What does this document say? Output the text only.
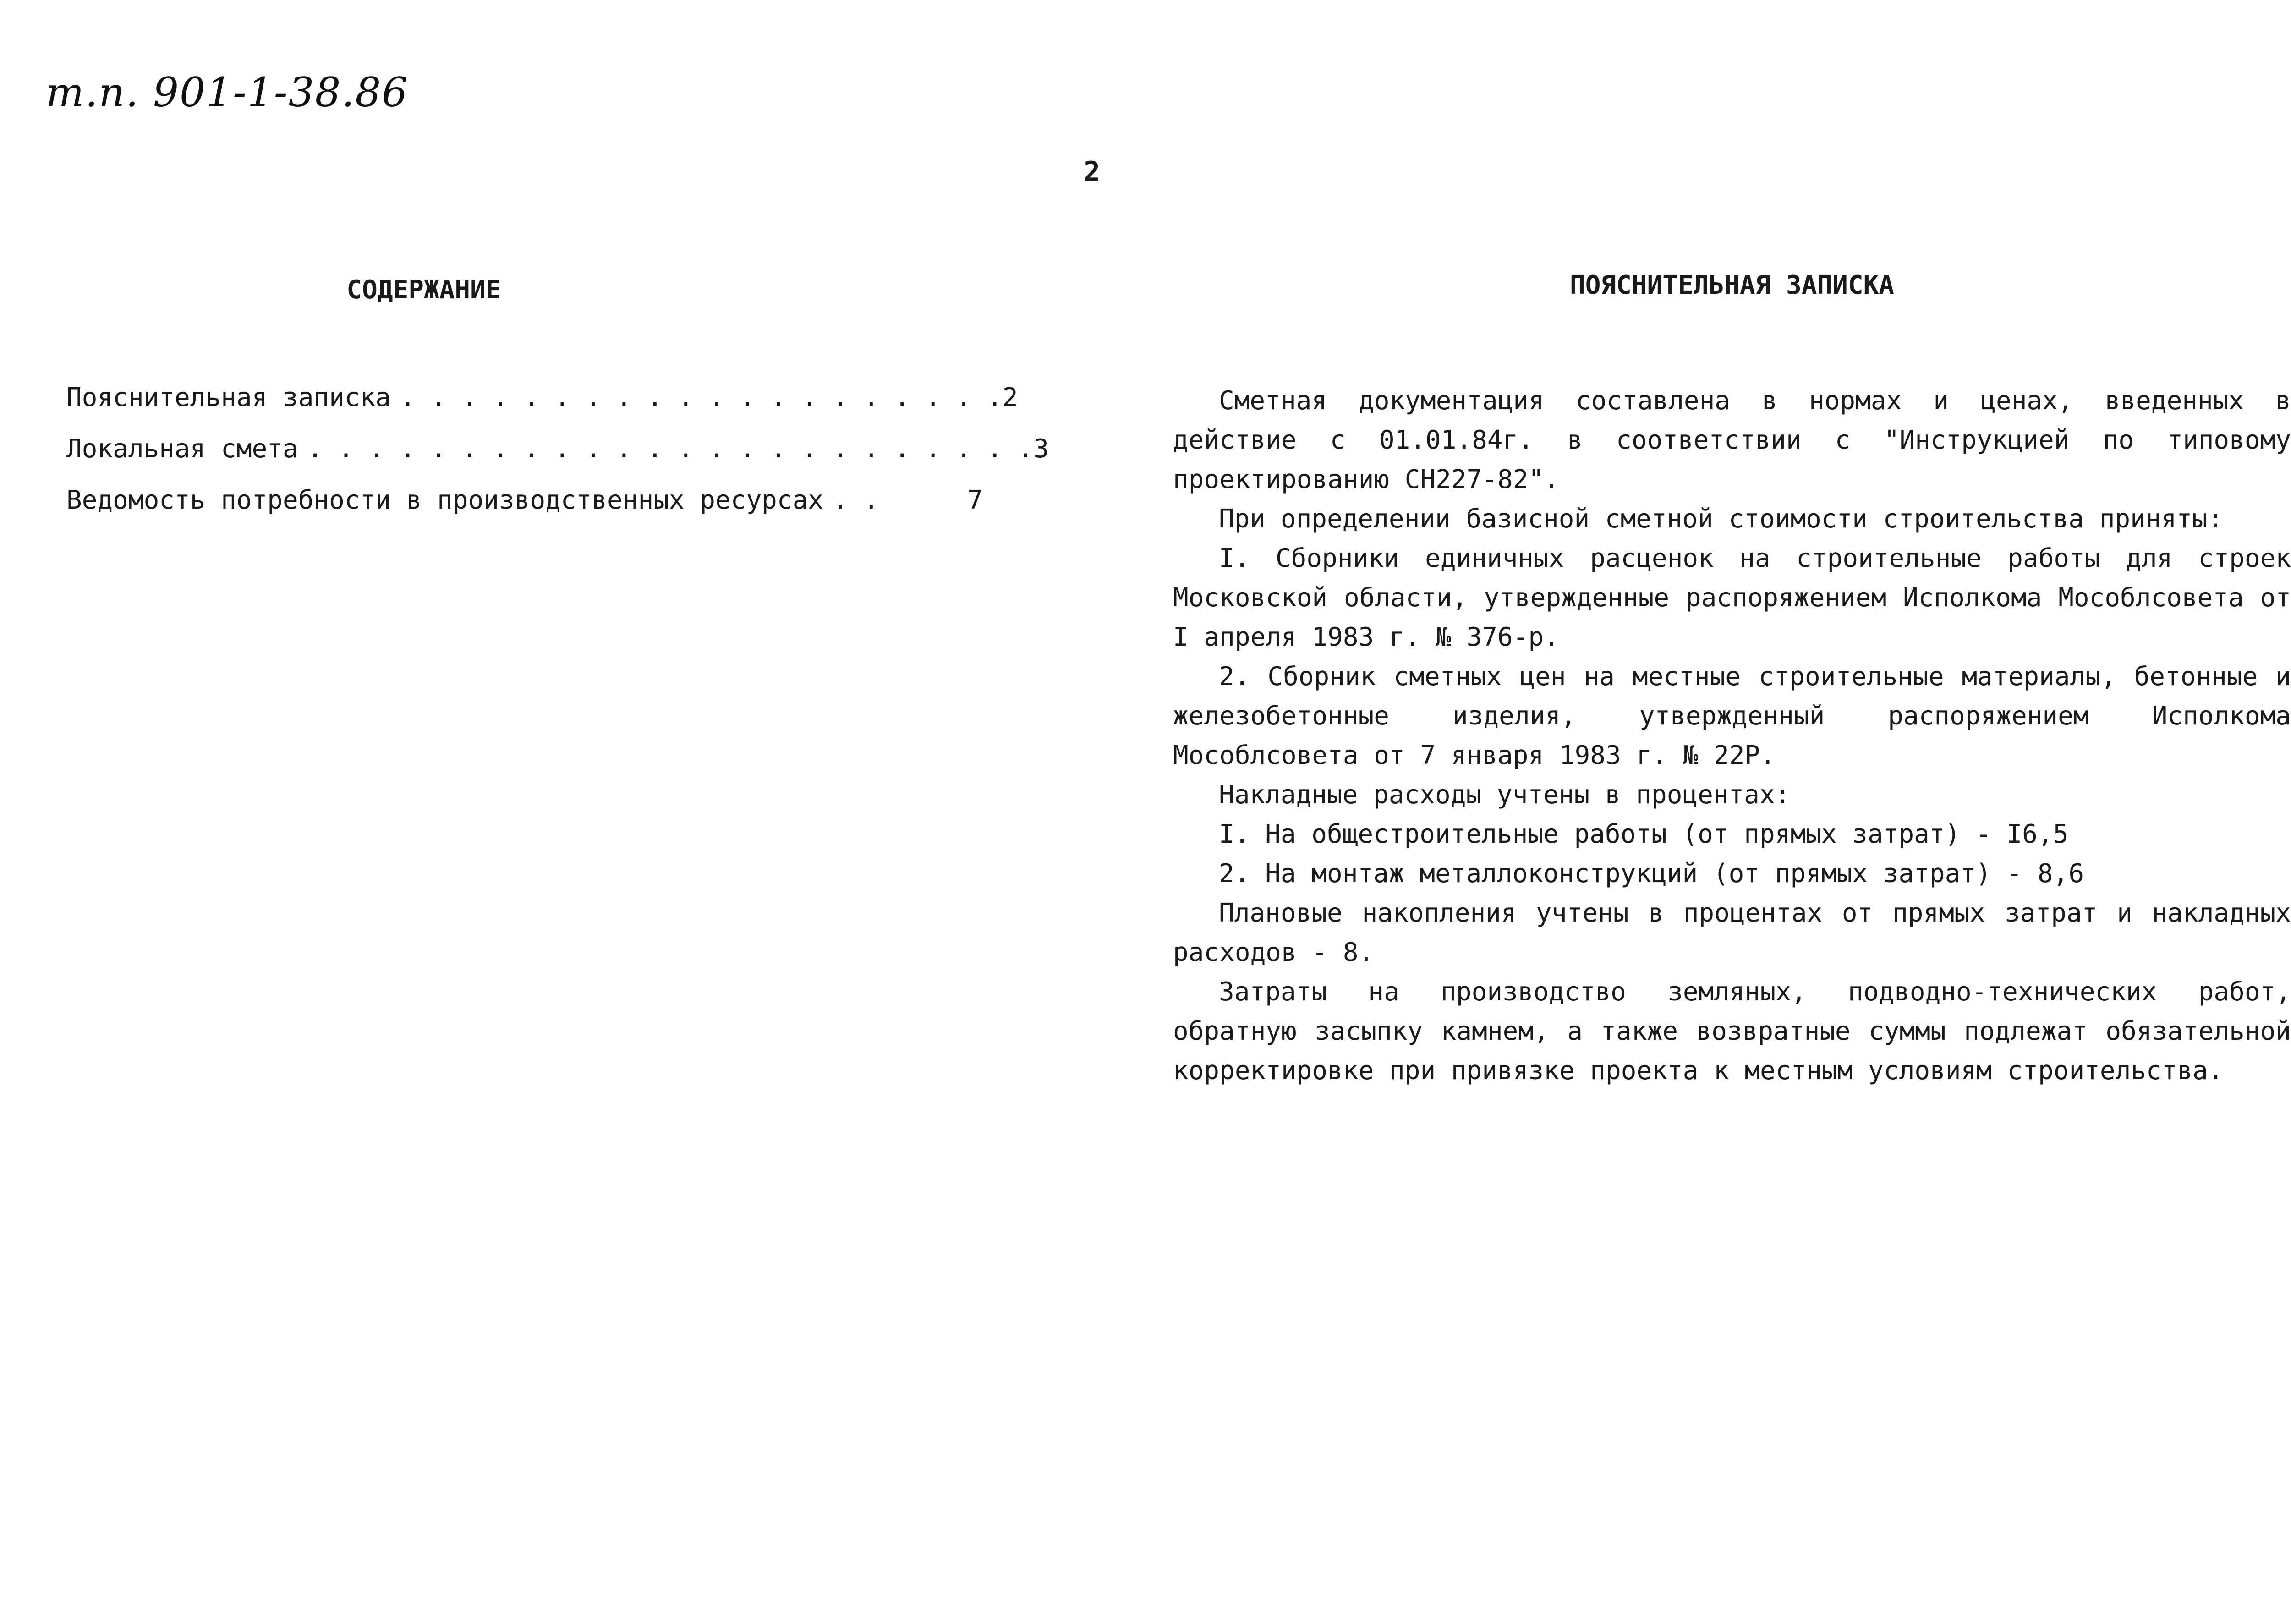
т.п. 901-1-38.86
2
СОДЕРЖАНИЕ
Пояснительная записка . . . . . . . . . . . . . . . . . . . . 2
Локальная смета . . . . . . . . . . . . . . . . . . . . . . . . 3
Ведомость потребности в производственных ресурсах . .	7
ПОЯСНИТЕЛЬНАЯ ЗАПИСКА

Сметная документация составлена в нормах и ценах, введенных в действие с 01.01.84г. в соответствии с "Инструкцией по типовому проектированию СН227-82".

При определении базисной сметной стоимости строительства приняты:

I. Сборники единичных расценок на строительные работы для строек Московской области, утвержденные распоряжением Исполкома Мособлсовета от I апреля 1983 г. № 376-р.

2. Сборник сметных цен на местные строительные материалы, бетонные и железобетонные изделия, утвержденный распоряжением Исполкома Мособлсовета от 7 января 1983 г. № 22Р.

Накладные расходы учтены в процентах:

I. На общестроительные работы (от прямых затрат) - I6,5

2. На монтаж металлоконструкций (от прямых затрат) - 8,6

Плановые накопления учтены в процентах от прямых затрат и накладных расходов - 8.

Затраты на производство земляных, подводно-технических работ, обратную засыпку камнем, а также возвратные суммы подлежат обязательной корректировке при привязке проекта к местным условиям строительства.
